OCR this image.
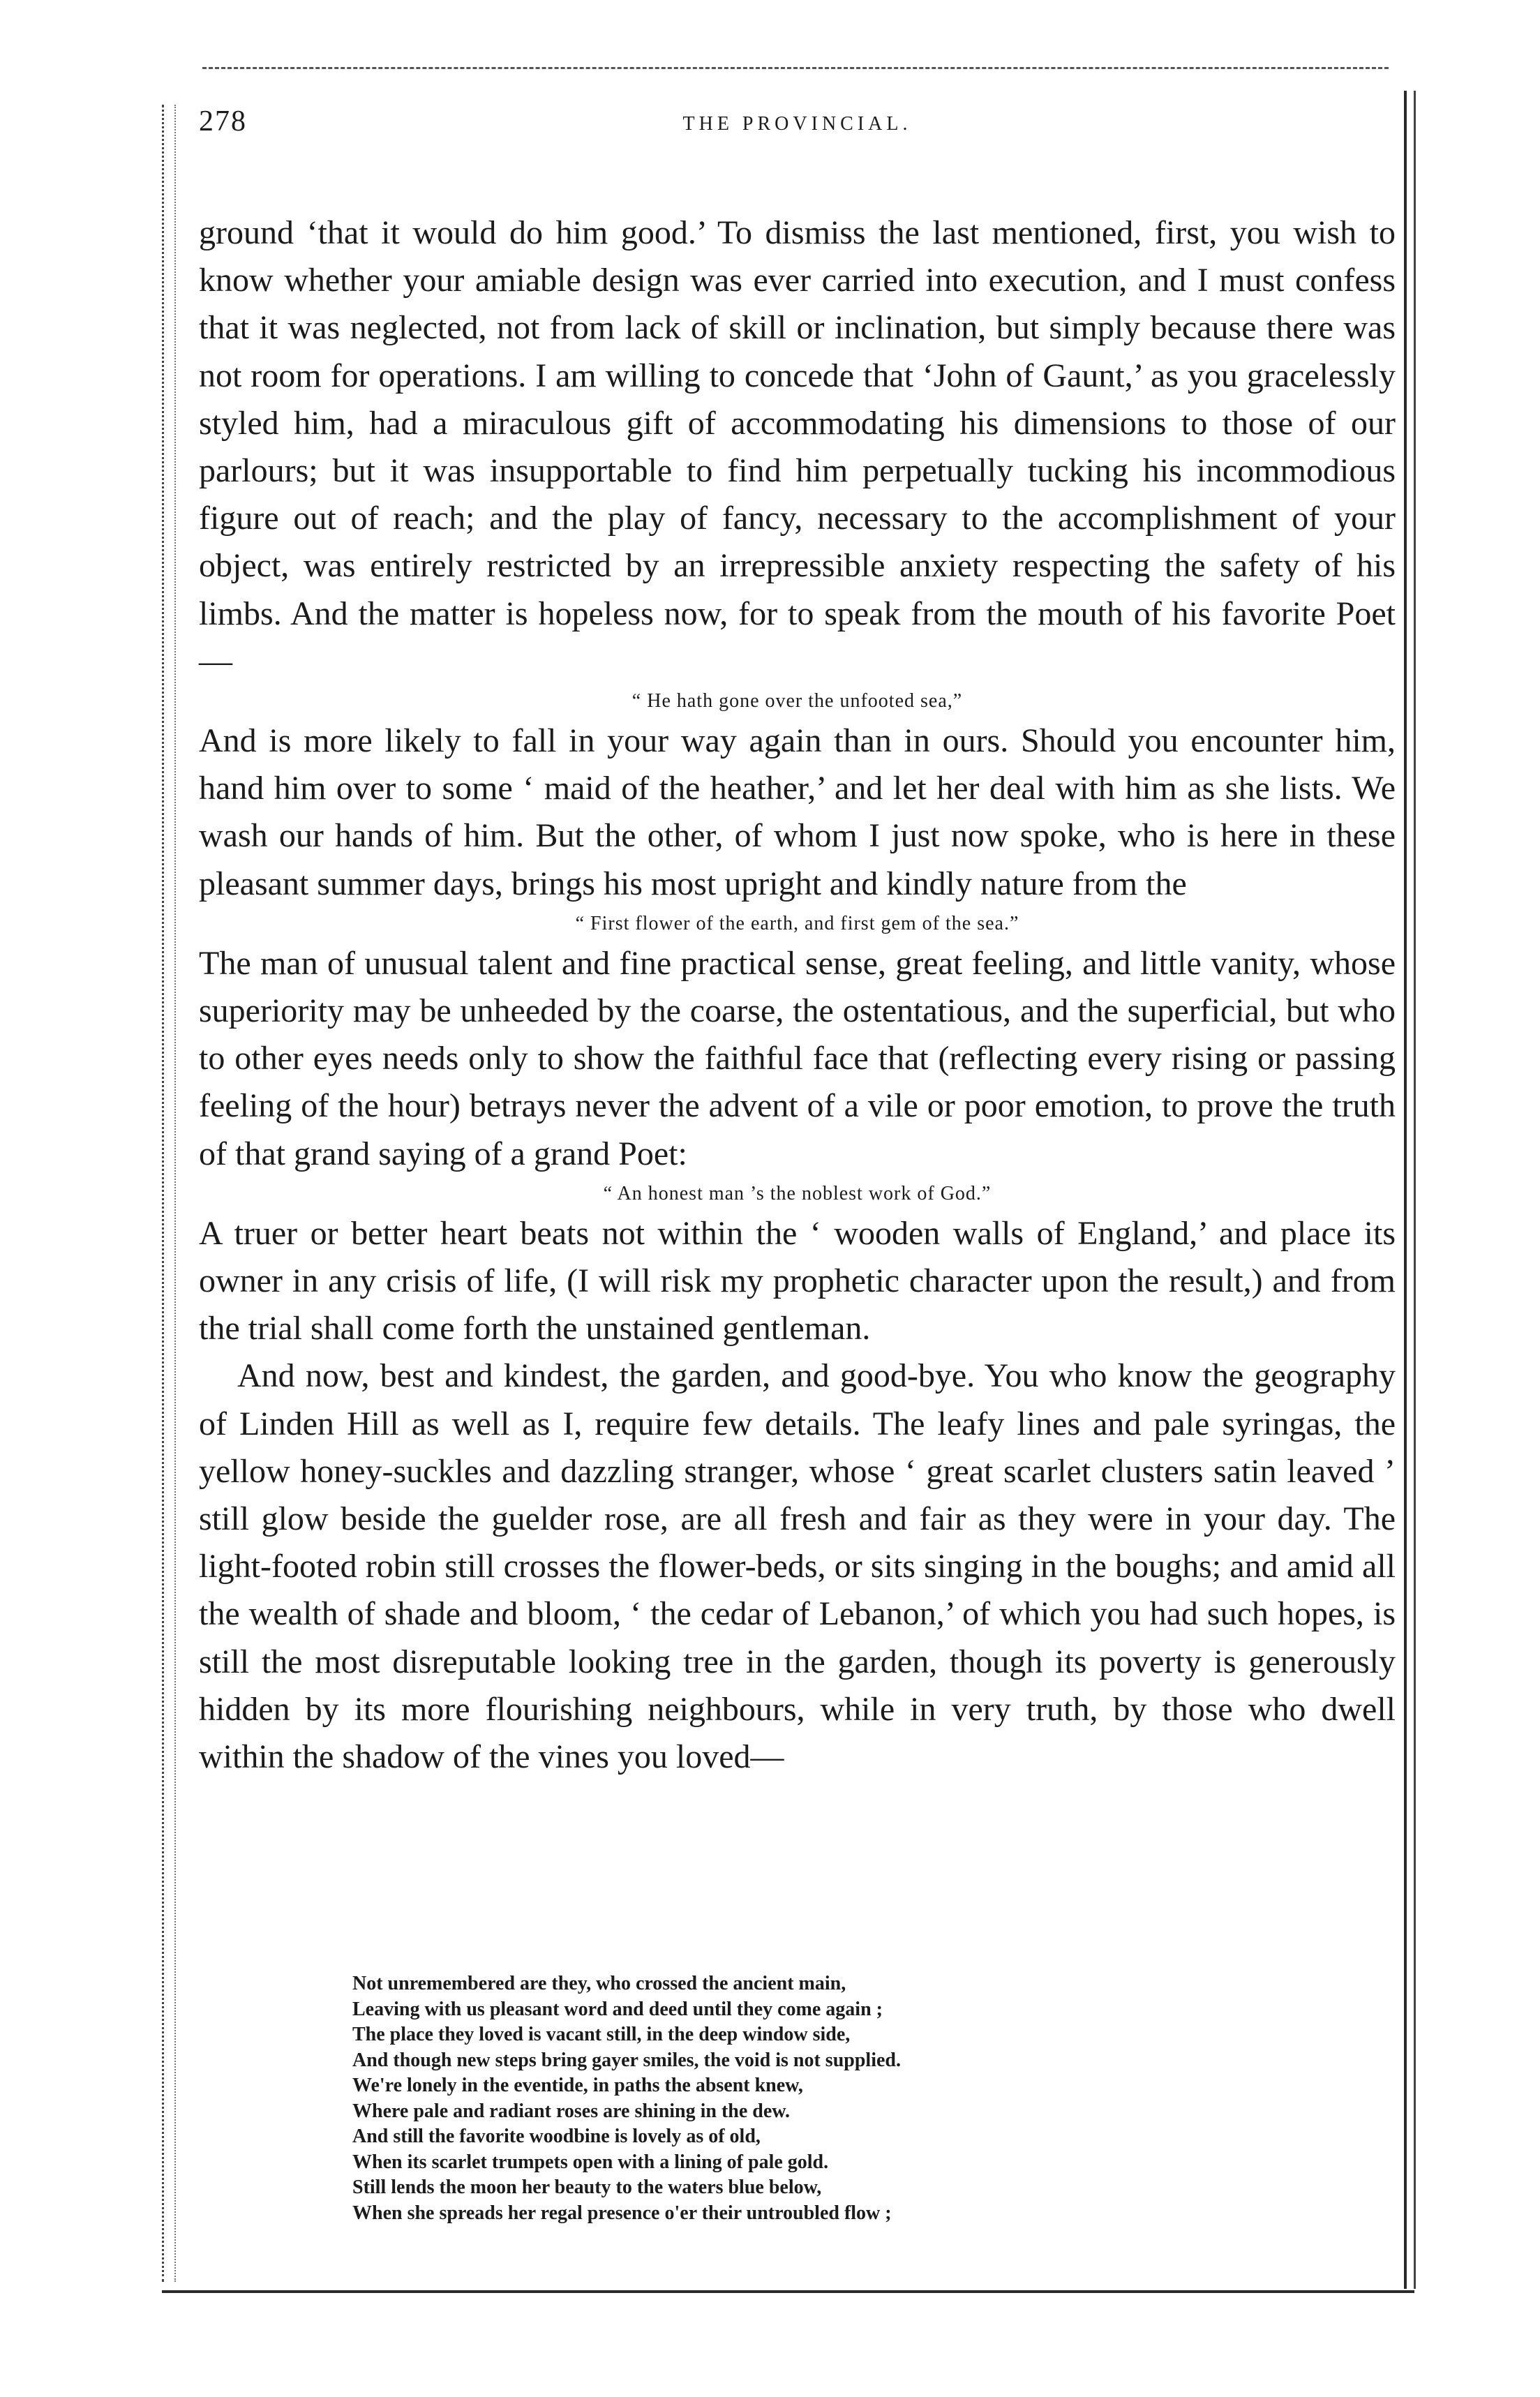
278	THE PROVINCIAL.

ground ‘that it would do him good.’ To dismiss the last mentioned, first, you wish to know whether your amiable design was ever carried into execution, and I must confess that it was neglected, not from lack of skill or inclination, but simply because there was not room for operations. I am willing to concede that ‘John of Gaunt,’ as you gracelessly styled him, had a miraculous gift of accommodating his dimensions to those of our parlours; but it was insupportable to find him perpetually tucking his incommodious figure out of reach; and the play of fancy, necessary to the accomplishment of your object, was entirely restricted by an irrepressible anxiety respecting the safety of his limbs. And the matter is hopeless now, for to speak from the mouth of his favorite Poet—

“ He hath gone over the unfooted sea,”

And is more likely to fall in your way again than in ours. Should you encounter him, hand him over to some ‘ maid of the heather,’ and let her deal with him as she lists. We wash our hands of him. But the other, of whom I just now spoke, who is here in these pleasant summer days, brings his most upright and kindly nature from the

“ First flower of the earth, and first gem of the sea.”

The man of unusual talent and fine practical sense, great feeling, and little vanity, whose superiority may be unheeded by the coarse, the ostentatious, and the superficial, but who to other eyes needs only to show the faithful face that (reflecting every rising or passing feeling of the hour) betrays never the advent of a vile or poor emotion, to prove the truth of that grand saying of a grand Poet:

“ An honest man ’s the noblest work of God.”

A truer or better heart beats not within the ‘ wooden walls of England,’ and place its owner in any crisis of life, (I will risk my prophetic character upon the result,) and from the trial shall come forth the unstained gentleman.

And now, best and kindest, the garden, and good-bye. You who know the geography of Linden Hill as well as I, require few details. The leafy lines and pale syringas, the yellow honey-suckles and dazzling stranger, whose ‘ great scarlet clusters satin leaved ’ still glow beside the guelder rose, are all fresh and fair as they were in your day. The light-footed robin still crosses the flower-beds, or sits singing in the boughs; and amid all the wealth of shade and bloom, ‘ the cedar of Lebanon,’ of which you had such hopes, is still the most disreputable looking tree in the garden, though its poverty is generously hidden by its more flourishing neighbours, while in very truth, by those who dwell within the shadow of the vines you loved—

Not unremembered are they, who crossed the ancient main,

Leaving with us pleasant word and deed until they come again ;

The place they loved is vacant still, in the deep window side,

And though new steps bring gayer smiles, the void is not supplied.

We're lonely in the eventide, in paths the absent knew,

Where pale and radiant roses are shining in the dew.

And still the favorite woodbine is lovely as of old,

When its scarlet trumpets open with a lining of pale gold.

Still lends the moon her beauty to the waters blue below,

When she spreads her regal presence o'er their untroubled flow ;
